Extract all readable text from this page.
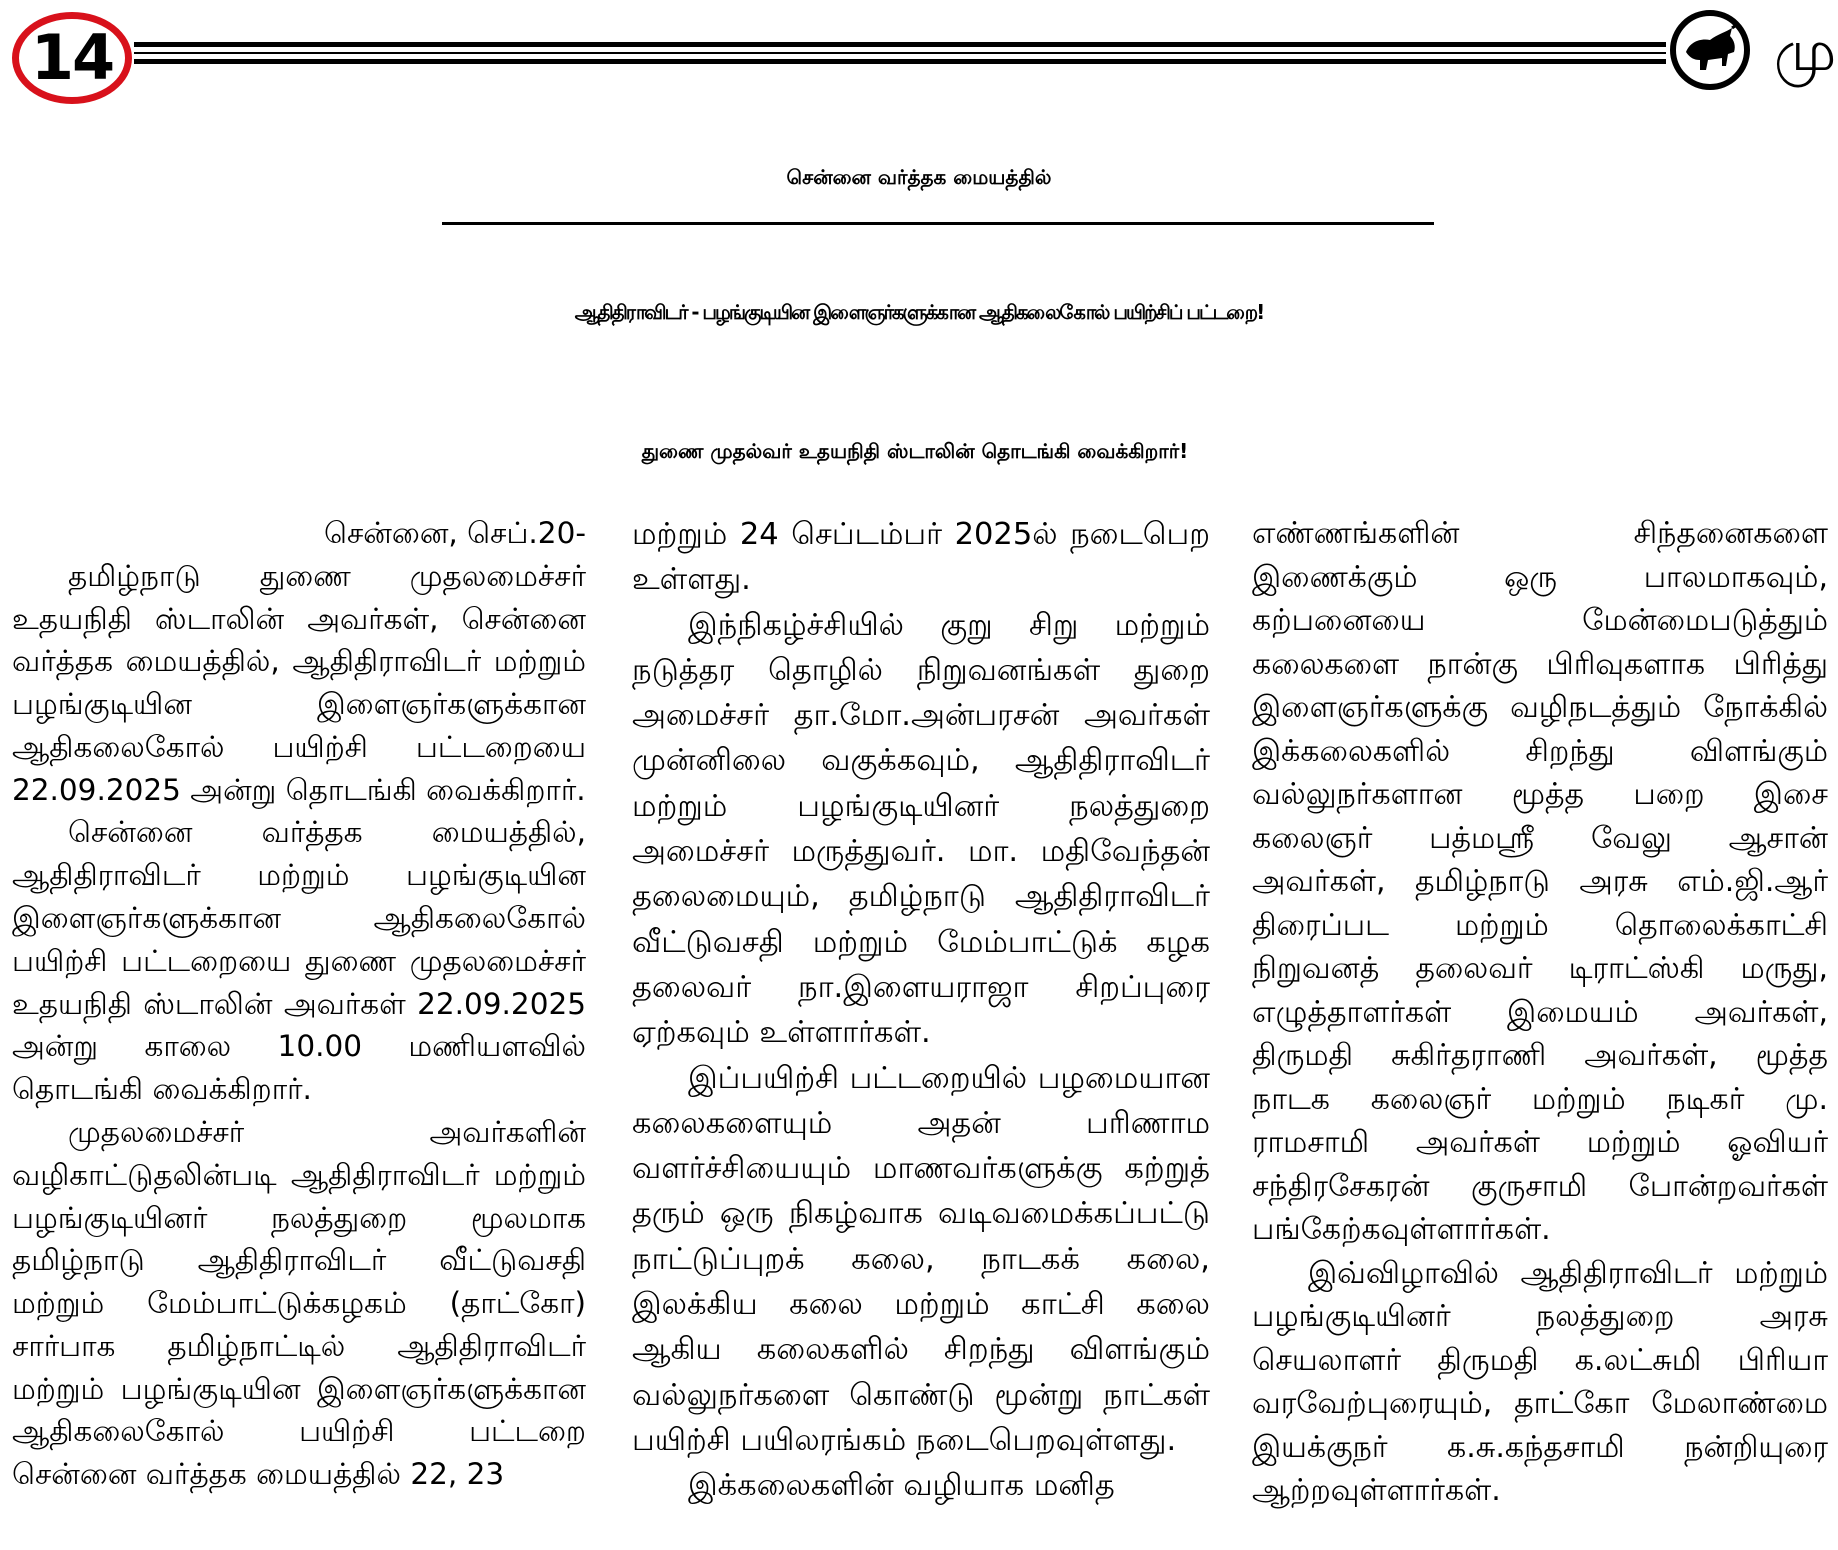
14	மு
சென்னை வர்த்தக மையத்தில்
ஆதிதிராவிடர் - பழங்குடியின இளைஞர்களுக்கான ஆதிகலைகோல் பயிற்சிப் பட்டறை!
துணை முதல்வர் உதயநிதி ஸ்டாலின் தொடங்கி வைக்கிறார்!

சென்னை, செப்.20-

தமிழ்நாடு துணை முதலமைச்சர் உதயநிதி ஸ்டாலின் அவர்கள், சென்னை வர்த்தக மையத்தில், ஆதிதிராவிடர் மற்றும் பழங்குடியின இளைஞர்களுக்கான ஆதிகலைகோல் பயிற்சி பட்டறையை 22.09.2025 அன்று தொடங்கி வைக்கிறார்.

சென்னை வர்த்தக மையத்தில், ஆதிதிராவிடர் மற்றும் பழங்குடியின இளைஞர்களுக்கான ஆதிகலைகோல் பயிற்சி பட்டறையை துணை முதலமைச்சர் உதயநிதி ஸ்டாலின் அவர்கள் 22.09.2025 அன்று காலை 10.00 மணியளவில் தொடங்கி வைக்கிறார்.

முதலமைச்சர் அவர்களின் வழிகாட்டுதலின்படி ஆதிதிராவிடர் மற்றும் பழங்குடியினர் நலத்துறை மூலமாக தமிழ்நாடு ஆதிதிராவிடர் வீட்டுவசதி மற்றும் மேம்பாட்டுக்கழகம் (தாட்கோ) சார்பாக தமிழ்நாட்டில் ஆதிதிராவிடர் மற்றும் பழங்குடியின இளைஞர்களுக்கான ஆதிகலைகோல் பயிற்சி பட்டறை சென்னை வர்த்தக மையத்தில் 22, 23

மற்றும் 24 செப்டம்பர் 2025ல் நடைபெற உள்ளது.

இந்நிகழ்ச்சியில் குறு சிறு மற்றும் நடுத்தர தொழில் நிறுவனங்கள் துறை அமைச்சர் தா.மோ.அன்பரசன் அவர்கள் முன்னிலை வகுக்கவும், ஆதிதிராவிடர் மற்றும் பழங்குடியினர் நலத்துறை அமைச்சர் மருத்துவர். மா. மதிவேந்தன் தலைமையும், தமிழ்நாடு ஆதிதிராவிடர் வீட்டுவசதி மற்றும் மேம்பாட்டுக் கழக தலைவர் நா.இளையராஜா சிறப்புரை ஏற்கவும் உள்ளார்கள்.

இப்பயிற்சி பட்டறையில் பழமையான கலைகளையும் அதன் பரிணாம வளர்ச்சியையும் மாணவர்களுக்கு கற்றுத் தரும் ஒரு நிகழ்வாக வடிவமைக்கப்பட்டு நாட்டுப்புறக் கலை, நாடகக் கலை, இலக்கிய கலை மற்றும் காட்சி கலை ஆகிய கலைகளில் சிறந்து விளங்கும் வல்லுநர்களை கொண்டு மூன்று நாட்கள் பயிற்சி பயிலரங்கம் நடைபெறவுள்ளது.

இக்கலைகளின் வழியாக மனித

எண்ணங்களின் சிந்தனைகளை இணைக்கும் ஒரு பாலமாகவும், கற்பனையை மேன்மைபடுத்தும் கலைகளை நான்கு பிரிவுகளாக பிரித்து இளைஞர்களுக்கு வழிநடத்தும் நோக்கில் இக்கலைகளில் சிறந்து விளங்கும் வல்லுநர்களான மூத்த பறை இசை கலைஞர் பத்மஸ்ரீ வேலு ஆசான் அவர்கள், தமிழ்நாடு அரசு எம்.ஜி.ஆர் திரைப்பட மற்றும் தொலைக்காட்சி நிறுவனத் தலைவர் டிராட்ஸ்கி மருது, எழுத்தாளர்கள் இமையம் அவர்கள், திருமதி சுகிர்தராணி அவர்கள், மூத்த நாடக கலைஞர் மற்றும் நடிகர் மு. ராமசாமி அவர்கள் மற்றும் ஓவியர் சந்திரசேகரன் குருசாமி போன்றவர்கள் பங்கேற்கவுள்ளார்கள்.

இவ்விழாவில் ஆதிதிராவிடர் மற்றும் பழங்குடியினர் நலத்துறை அரசு செயலாளர் திருமதி க.லட்சுமி பிரியா வரவேற்புரையும், தாட்கோ மேலாண்மை இயக்குநர் க.சு.கந்தசாமி நன்றியுரை ஆற்றவுள்ளார்கள்.
